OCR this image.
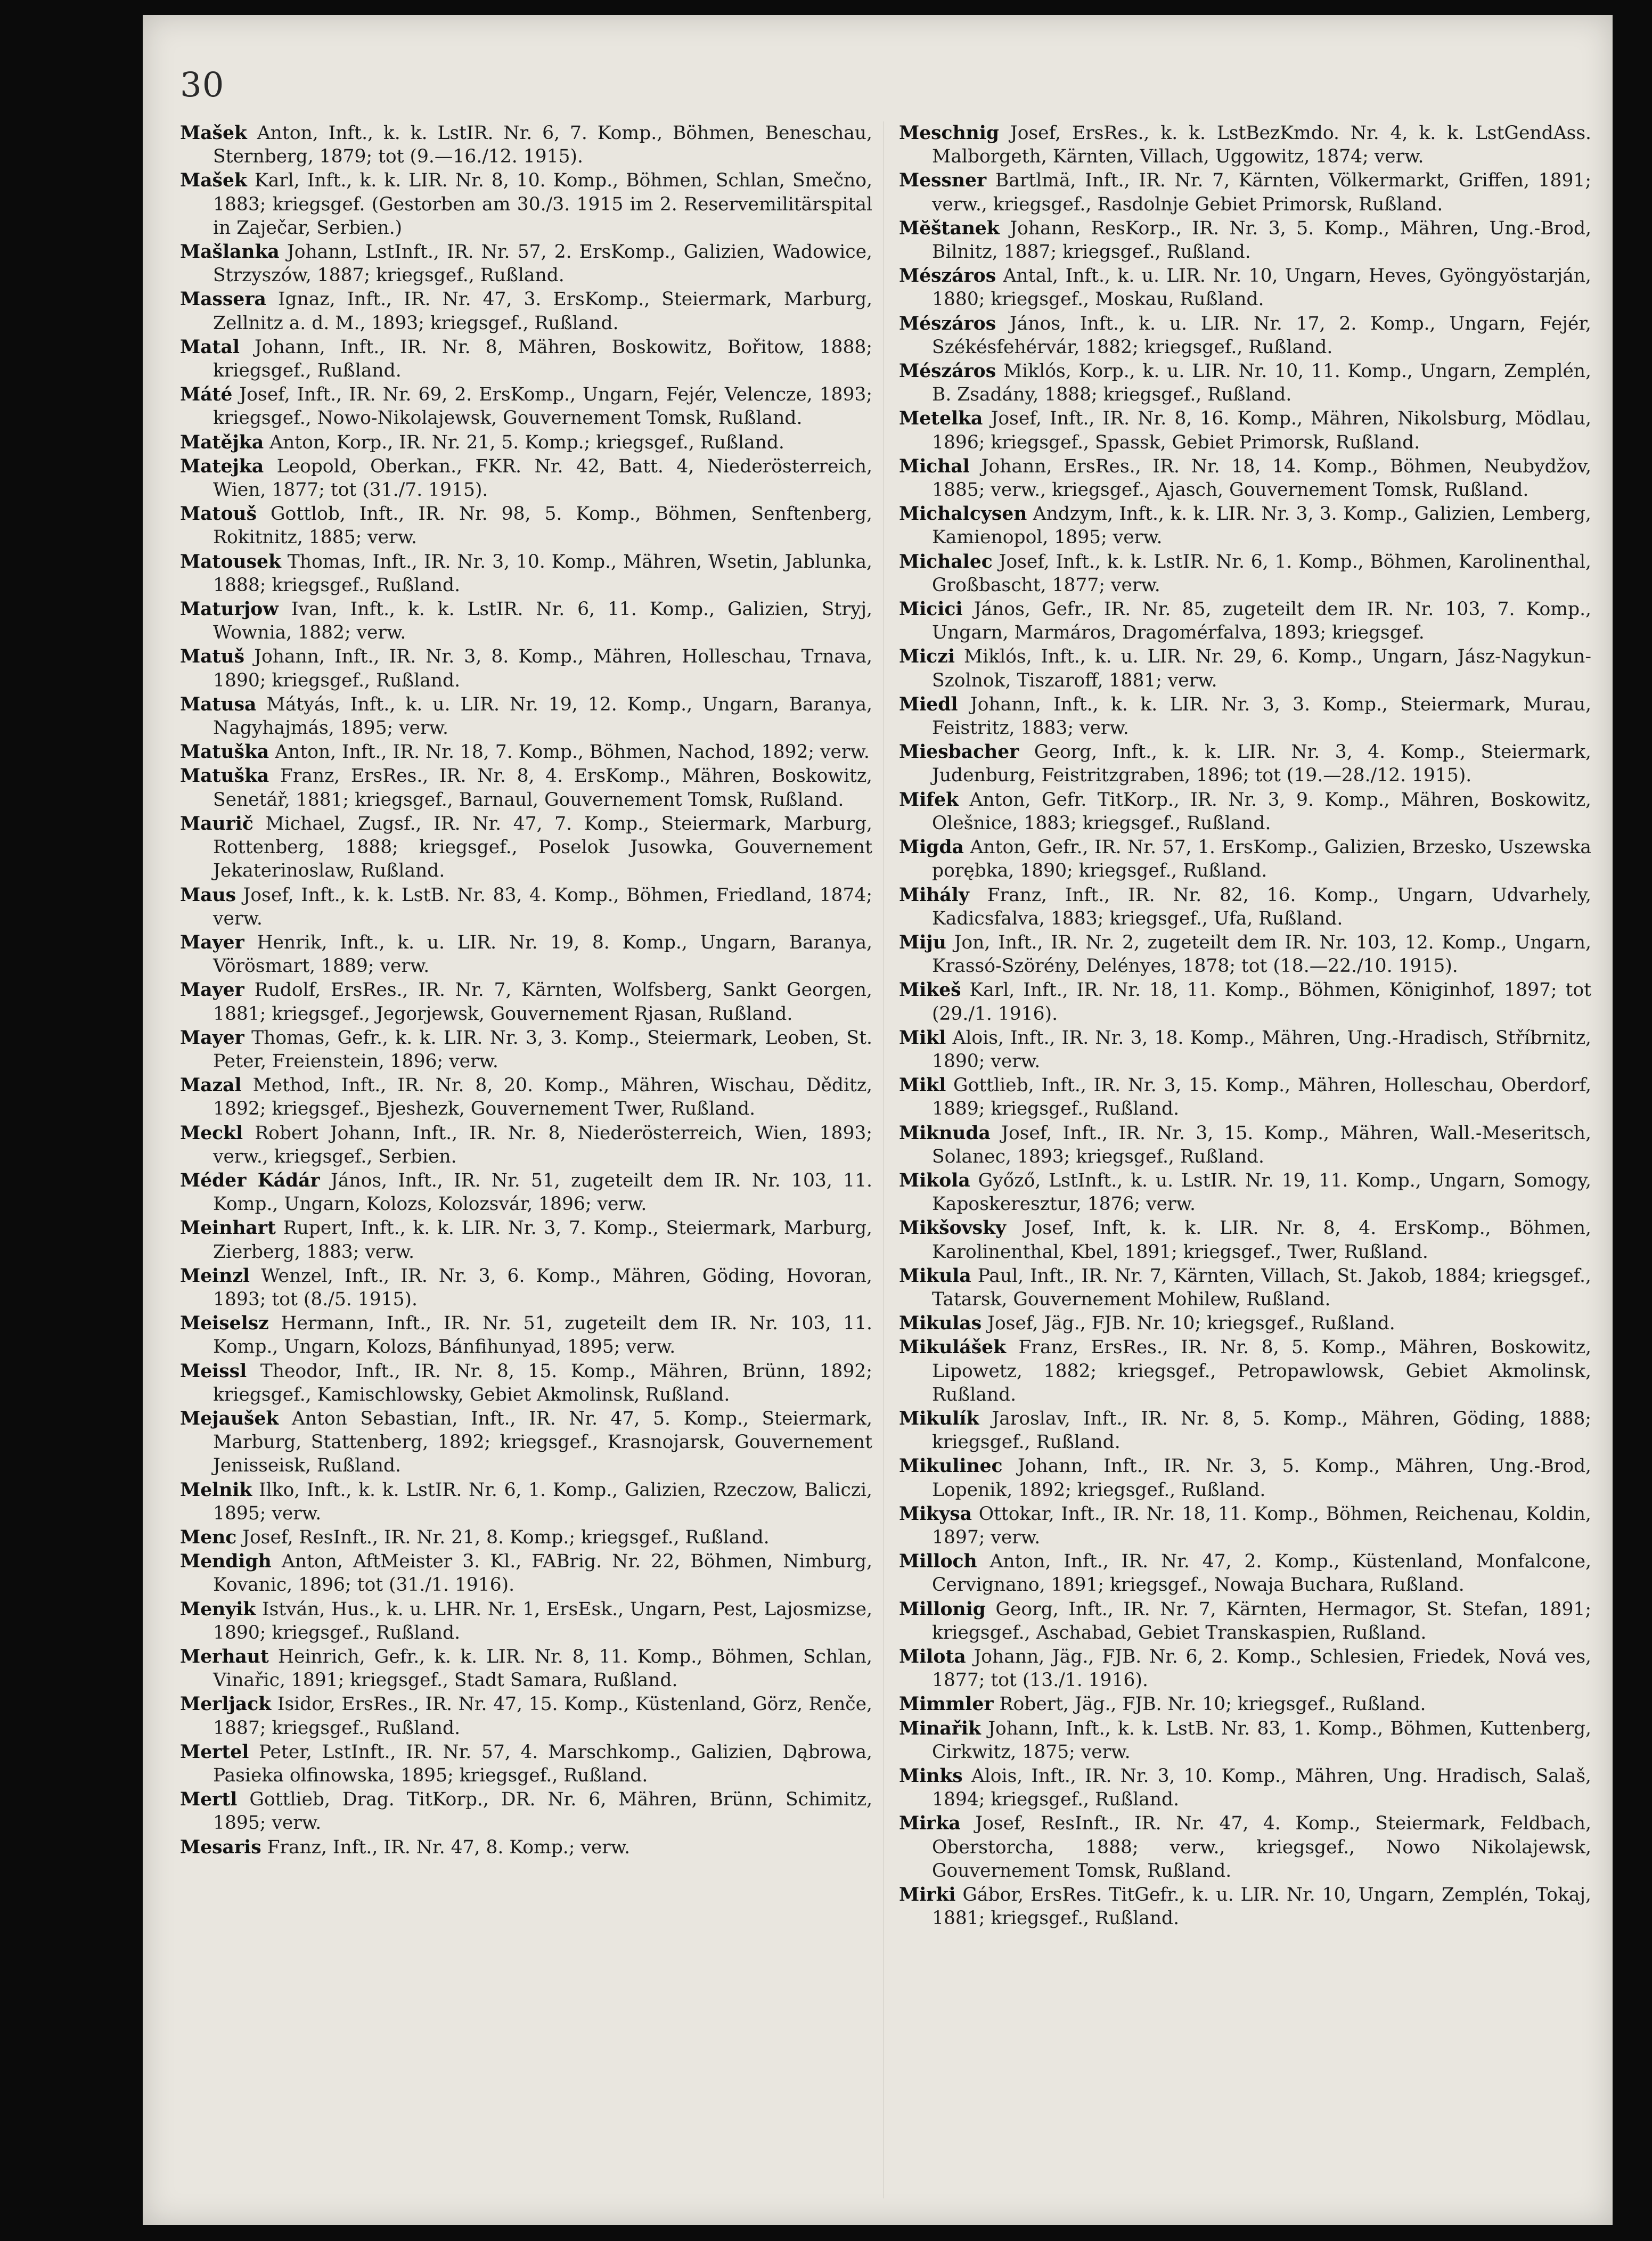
30

Mašek Anton, Inft., k. k. LstIR. Nr. 6, 7. Komp., Böhmen, Beneschau, Sternberg, 1879; tot (9.—16./12. 1915).

Mašek Karl, Inft., k. k. LIR. Nr. 8, 10. Komp., Böhmen, Schlan, Smečno, 1883; kriegsgef. (Gestorben am 30./3. 1915 im 2. Reservemilitärspital in Zaječar, Serbien.)

Mašlanka Johann, LstInft., IR. Nr. 57, 2. ErsKomp., Galizien, Wadowice, Strzyszów, 1887; kriegsgef., Rußland.

Massera Ignaz, Inft., IR. Nr. 47, 3. ErsKomp., Steiermark, Marburg, Zellnitz a. d. M., 1893; kriegsgef., Rußland.

Matal Johann, Inft., IR. Nr. 8, Mähren, Boskowitz, Bořitow, 1888; kriegsgef., Rußland.

Máté Josef, Inft., IR. Nr. 69, 2. ErsKomp., Ungarn, Fejér, Velencze, 1893; kriegsgef., Nowo-Nikolajewsk, Gouvernement Tomsk, Rußland.

Matějka Anton, Korp., IR. Nr. 21, 5. Komp.; kriegsgef., Rußland.

Matejka Leopold, Oberkan., FKR. Nr. 42, Batt. 4, Niederösterreich, Wien, 1877; tot (31./7. 1915).

Matouš Gottlob, Inft., IR. Nr. 98, 5. Komp., Böhmen, Senftenberg, Rokitnitz, 1885; verw.

Matousek Thomas, Inft., IR. Nr. 3, 10. Komp., Mähren, Wsetin, Jablunka, 1888; kriegsgef., Rußland.

Maturjow Ivan, Inft., k. k. LstIR. Nr. 6, 11. Komp., Galizien, Stryj, Wownia, 1882; verw.

Matuš Johann, Inft., IR. Nr. 3, 8. Komp., Mähren, Holleschau, Trnava, 1890; kriegsgef., Rußland.

Matusa Mátyás, Inft., k. u. LIR. Nr. 19, 12. Komp., Ungarn, Baranya, Nagyhajmás, 1895; verw.

Matuška Anton, Inft., IR. Nr. 18, 7. Komp., Böhmen, Nachod, 1892; verw.

Matuška Franz, ErsRes., IR. Nr. 8, 4. ErsKomp., Mähren, Boskowitz, Senetář, 1881; kriegsgef., Barnaul, Gouvernement Tomsk, Rußland.

Maurič Michael, Zugsf., IR. Nr. 47, 7. Komp., Steiermark, Marburg, Rottenberg, 1888; kriegsgef., Poselok Jusowka, Gouvernement Jekaterinoslaw, Rußland.

Maus Josef, Inft., k. k. LstB. Nr. 83, 4. Komp., Böhmen, Friedland, 1874; verw.

Mayer Henrik, Inft., k. u. LIR. Nr. 19, 8. Komp., Ungarn, Baranya, Vörösmart, 1889; verw.

Mayer Rudolf, ErsRes., IR. Nr. 7, Kärnten, Wolfsberg, Sankt Georgen, 1881; kriegsgef., Jegorjewsk, Gouvernement Rjasan, Rußland.

Mayer Thomas, Gefr., k. k. LIR. Nr. 3, 3. Komp., Steiermark, Leoben, St. Peter, Freienstein, 1896; verw.

Mazal Method, Inft., IR. Nr. 8, 20. Komp., Mähren, Wischau, Děditz, 1892; kriegsgef., Bjeshezk, Gouvernement Twer, Rußland.

Meckl Robert Johann, Inft., IR. Nr. 8, Niederösterreich, Wien, 1893; verw., kriegsgef., Serbien.

Méder Kádár János, Inft., IR. Nr. 51, zugeteilt dem IR. Nr. 103, 11. Komp., Ungarn, Kolozs, Kolozsvár, 1896; verw.

Meinhart Rupert, Inft., k. k. LIR. Nr. 3, 7. Komp., Steiermark, Marburg, Zierberg, 1883; verw.

Meinzl Wenzel, Inft., IR. Nr. 3, 6. Komp., Mähren, Göding, Hovoran, 1893; tot (8./5. 1915).

Meiselsz Hermann, Inft., IR. Nr. 51, zugeteilt dem IR. Nr. 103, 11. Komp., Ungarn, Kolozs, Bánfihunyad, 1895; verw.

Meissl Theodor, Inft., IR. Nr. 8, 15. Komp., Mähren, Brünn, 1892; kriegsgef., Kamischlowsky, Gebiet Akmolinsk, Rußland.

Mejaušek Anton Sebastian, Inft., IR. Nr. 47, 5. Komp., Steiermark, Marburg, Stattenberg, 1892; kriegsgef., Krasnojarsk, Gouvernement Jenisseisk, Rußland.

Melnik Ilko, Inft., k. k. LstIR. Nr. 6, 1. Komp., Galizien, Rzeczow, Baliczi, 1895; verw.

Menc Josef, ResInft., IR. Nr. 21, 8. Komp.; kriegsgef., Rußland.

Mendigh Anton, AftMeister 3. Kl., FABrig. Nr. 22, Böhmen, Nimburg, Kovanic, 1896; tot (31./1. 1916).

Menyik István, Hus., k. u. LHR. Nr. 1, ErsEsk., Ungarn, Pest, Lajosmizse, 1890; kriegsgef., Rußland.

Merhaut Heinrich, Gefr., k. k. LIR. Nr. 8, 11. Komp., Böhmen, Schlan, Vinařic, 1891; kriegsgef., Stadt Samara, Rußland.

Merljack Isidor, ErsRes., IR. Nr. 47, 15. Komp., Küstenland, Görz, Renče, 1887; kriegsgef., Rußland.

Mertel Peter, LstInft., IR. Nr. 57, 4. Marschkomp., Galizien, Dąbrowa, Pasieka olfinowska, 1895; kriegsgef., Rußland.

Mertl Gottlieb, Drag. TitKorp., DR. Nr. 6, Mähren, Brünn, Schimitz, 1895; verw.

Mesaris Franz, Inft., IR. Nr. 47, 8. Komp.; verw.

Meschnig Josef, ErsRes., k. k. LstBezKmdo. Nr. 4, k. k. LstGendAss. Malborgeth, Kärnten, Villach, Uggowitz, 1874; verw.

Messner Bartlmä, Inft., IR. Nr. 7, Kärnten, Völkermarkt, Griffen, 1891; verw., kriegsgef., Rasdolnje Gebiet Primorsk, Rußland.

Mĕštanek Johann, ResKorp., IR. Nr. 3, 5. Komp., Mähren, Ung.-Brod, Bilnitz, 1887; kriegsgef., Rußland.

Mészáros Antal, Inft., k. u. LIR. Nr. 10, Ungarn, Heves, Gyöngyöstarján, 1880; kriegsgef., Moskau, Rußland.

Mészáros János, Inft., k. u. LIR. Nr. 17, 2. Komp., Ungarn, Fejér, Székésfehérvár, 1882; kriegsgef., Rußland.

Mészáros Miklós, Korp., k. u. LIR. Nr. 10, 11. Komp., Ungarn, Zemplén, B. Zsadány, 1888; kriegsgef., Rußland.

Metelka Josef, Inft., IR. Nr. 8, 16. Komp., Mähren, Nikolsburg, Mödlau, 1896; kriegsgef., Spassk, Gebiet Primorsk, Rußland.

Michal Johann, ErsRes., IR. Nr. 18, 14. Komp., Böhmen, Neubydžov, 1885; verw., kriegsgef., Ajasch, Gouvernement Tomsk, Rußland.

Michalcysen Andzym, Inft., k. k. LIR. Nr. 3, 3. Komp., Galizien, Lemberg, Kamienopol, 1895; verw.

Michalec Josef, Inft., k. k. LstIR. Nr. 6, 1. Komp., Böhmen, Karolinenthal, Großbascht, 1877; verw.

Micici János, Gefr., IR. Nr. 85, zugeteilt dem IR. Nr. 103, 7. Komp., Ungarn, Marmáros, Dragomérfalva, 1893; kriegsgef.

Miczi Miklós, Inft., k. u. LIR. Nr. 29, 6. Komp., Ungarn, Jász-Nagykun-Szolnok, Tiszaroff, 1881; verw.

Miedl Johann, Inft., k. k. LIR. Nr. 3, 3. Komp., Steiermark, Murau, Feistritz, 1883; verw.

Miesbacher Georg, Inft., k. k. LIR. Nr. 3, 4. Komp., Steiermark, Judenburg, Feistritzgraben, 1896; tot (19.—28./12. 1915).

Mifek Anton, Gefr. TitKorp., IR. Nr. 3, 9. Komp., Mähren, Boskowitz, Olešnice, 1883; kriegsgef., Rußland.

Migda Anton, Gefr., IR. Nr. 57, 1. ErsKomp., Galizien, Brzesko, Uszewska porębka, 1890; kriegsgef., Rußland.

Mihály Franz, Inft., IR. Nr. 82, 16. Komp., Ungarn, Udvarhely, Kadicsfalva, 1883; kriegsgef., Ufa, Rußland.

Miju Jon, Inft., IR. Nr. 2, zugeteilt dem IR. Nr. 103, 12. Komp., Ungarn, Krassó-Szörény, Delényes, 1878; tot (18.—22./10. 1915).

Mikeš Karl, Inft., IR. Nr. 18, 11. Komp., Böhmen, Königinhof, 1897; tot (29./1. 1916).

Mikl Alois, Inft., IR. Nr. 3, 18. Komp., Mähren, Ung.-Hradisch, Stříbrnitz, 1890; verw.

Mikl Gottlieb, Inft., IR. Nr. 3, 15. Komp., Mähren, Holleschau, Oberdorf, 1889; kriegsgef., Rußland.

Miknuda Josef, Inft., IR. Nr. 3, 15. Komp., Mähren, Wall.-Meseritsch, Solanec, 1893; kriegsgef., Rußland.

Mikola Győző, LstInft., k. u. LstIR. Nr. 19, 11. Komp., Ungarn, Somogy, Kaposkeresztur, 1876; verw.

Mikšovsky Josef, Inft, k. k. LIR. Nr. 8, 4. ErsKomp., Böhmen, Karolinenthal, Kbel, 1891; kriegsgef., Twer, Rußland.

Mikula Paul, Inft., IR. Nr. 7, Kärnten, Villach, St. Jakob, 1884; kriegsgef., Tatarsk, Gouvernement Mohilew, Rußland.

Mikulas Josef, Jäg., FJB. Nr. 10; kriegsgef., Rußland.

Mikulášek Franz, ErsRes., IR. Nr. 8, 5. Komp., Mähren, Boskowitz, Lipowetz, 1882; kriegsgef., Petropawlowsk, Gebiet Akmolinsk, Rußland.

Mikulík Jaroslav, Inft., IR. Nr. 8, 5. Komp., Mähren, Göding, 1888; kriegsgef., Rußland.

Mikulinec Johann, Inft., IR. Nr. 3, 5. Komp., Mähren, Ung.-Brod, Lopenik, 1892; kriegsgef., Rußland.

Mikysa Ottokar, Inft., IR. Nr. 18, 11. Komp., Böhmen, Reichenau, Koldin, 1897; verw.

Milloch Anton, Inft., IR. Nr. 47, 2. Komp., Küstenland, Monfalcone, Cervignano, 1891; kriegsgef., Nowaja Buchara, Rußland.

Millonig Georg, Inft., IR. Nr. 7, Kärnten, Hermagor, St. Stefan, 1891; kriegsgef., Aschabad, Gebiet Transkaspien, Rußland.

Milota Johann, Jäg., FJB. Nr. 6, 2. Komp., Schlesien, Friedek, Nová ves, 1877; tot (13./1. 1916).

Mimmler Robert, Jäg., FJB. Nr. 10; kriegsgef., Rußland.

Minařik Johann, Inft., k. k. LstB. Nr. 83, 1. Komp., Böhmen, Kuttenberg, Cirkwitz, 1875; verw.

Minks Alois, Inft., IR. Nr. 3, 10. Komp., Mähren, Ung. Hradisch, Salaš, 1894; kriegsgef., Rußland.

Mirka Josef, ResInft., IR. Nr. 47, 4. Komp., Steiermark, Feldbach, Oberstorcha, 1888; verw., kriegsgef., Nowo Nikolajewsk, Gouvernement Tomsk, Rußland.

Mirki Gábor, ErsRes. TitGefr., k. u. LIR. Nr. 10, Ungarn, Zemplén, Tokaj, 1881; kriegsgef., Rußland.
